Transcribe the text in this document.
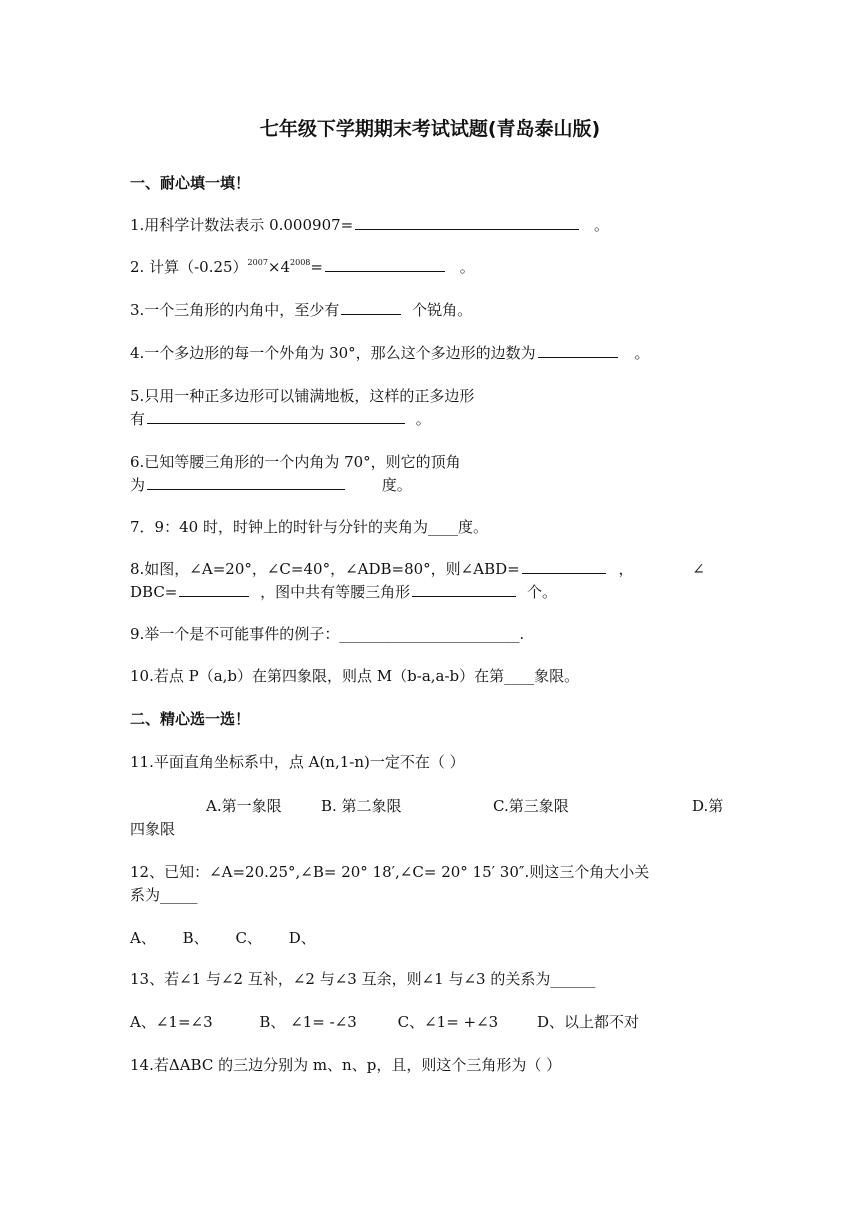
七年级下学期期末考试试题(青岛泰山版)
一、耐心填一填！
1.用科学计数法表示 0.000907=	。
2. 计算$(-0.25)^{2007}\times 4^{2008}=$	。
3.一个三角形的内角中，至少有	个锐角。
4.一个多边形的每一个外角为 30°，那么这个多边形的边数为	。
5.只用一种正多边形可以铺满地板，这样的正多边形
有	。
6.已知等腰三角形的一个内角为 70°，则它的顶角
为	度。
7．9：40 时，时钟上的时针与分针的夹角为____度。
8.如图，∠A=20°，∠C=40°，∠ADB=80°，则∠ABD=	，	∠
DBC=	，图中共有等腰三角形	个。
9.举一个是不可能事件的例子：________________________.
10.若点 P（a,b）在第四象限，则点 M（b-a,a-b）在第____象限。
二、精心选一选！
11.平面直角坐标系中，点 A(n,1-n)一定不在（ ）
A.第一象限	B. 第二象限	C.第三象限	D.第
四象限
12、已知：∠A=20.25°,∠B= 20° 18′,∠C= 20° 15′ 30″.则这三个角大小关
系为_____
A、 B、 C、 D、
13、若∠1 与∠2 互补，∠2 与∠3 互余，则∠1 与∠3 的关系为______
A、∠1=∠3	B、 ∠1= -∠3	C、∠1= +∠3	D、以上都不对
14.若ΔABC 的三边分别为 m、n、p，且，则这个三角形为（ ）
